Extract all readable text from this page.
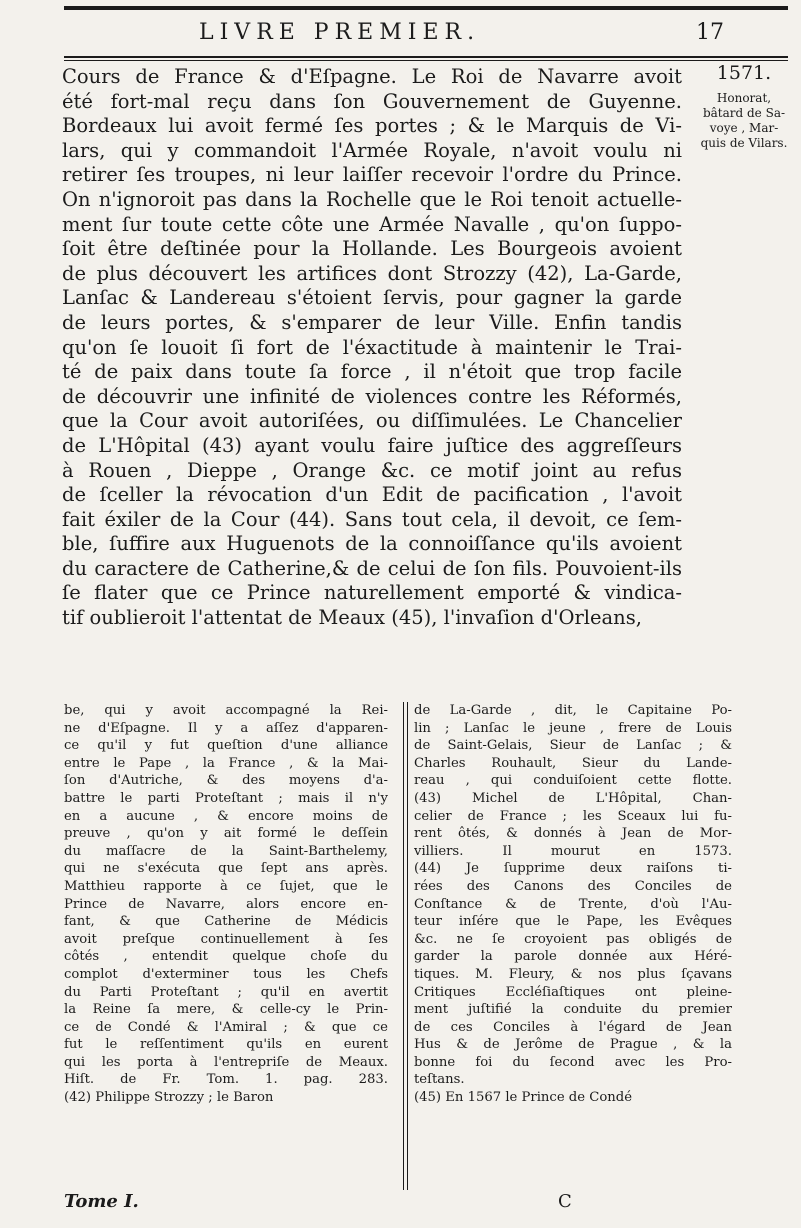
LIVRE PREMIER.	17
Cours de France & d'Eſpagne. Le Roi de Navarre avoit
été fort-mal reçu dans ſon Gouvernement de Guyenne.
Bordeaux lui avoit fermé ſes portes ; & le Marquis de Vi-
lars, qui y commandoit l'Armée Royale, n'avoit voulu ni
retirer ſes troupes, ni leur laiſſer recevoir l'ordre du Prince.
On n'ignoroit pas dans la Rochelle que le Roi tenoit actuelle-
ment ſur toute cette côte une Armée Navalle , qu'on ſuppo-
ſoit être deſtinée pour la Hollande. Les Bourgeois avoient
de plus découvert les artifices dont Strozzy (42), La-Garde,
Lanſac & Landereau s'étoient ſervis, pour gagner la garde
de leurs portes, & s'emparer de leur Ville. Enfin tandis
qu'on ſe louoit ſi fort de l'éxactitude à maintenir le Trai-
té de paix dans toute ſa force , il n'étoit que trop facile
de découvrir une infinité de violences contre les Réformés,
que la Cour avoit autoriſées, ou diſſimulées. Le Chancelier
de L'Hôpital (43) ayant voulu faire juſtice des aggreſſeurs
à Rouen , Dieppe , Orange &c. ce motif joint au refus
de ſceller la révocation d'un Edit de pacification , l'avoit
fait éxiler de la Cour (44). Sans tout cela, il devoit, ce ſem-
ble, ſuffire aux Huguenots de la connoiſſance qu'ils avoient
du caractere de Catherine,& de celui de ſon fils. Pouvoient-ils
ſe flater que ce Prince naturellement emporté & vindica-
tif oublieroit l'attentat de Meaux (45), l'invaſion d'Orleans,
1571.
Honorat,
bâtard de Sa-
voye , Mar-
quis de Vilars.
be, qui y avoit accompagné la Rei-
ne d'Eſpagne. Il y a aſſez d'apparen-
ce qu'il y fut queſtion d'une alliance
entre le Pape , la France , & la Mai-
ſon d'Autriche, & des moyens d'a-
battre le parti Proteſtant ; mais il n'y
en a aucune , & encore moins de
preuve , qu'on y ait formé le deſſein
du maſſacre de la Saint-Barthelemy,
qui ne s'exécuta que ſept ans après.
Matthieu rapporte à ce ſujet, que le
Prince de Navarre, alors encore en-
fant, & que Catherine de Médicis
avoit preſque continuellement à ſes
côtés , entendit quelque choſe du
complot d'exterminer tous les Chefs
du Parti Proteſtant ; qu'il en avertit
la Reine ſa mere, & celle-cy le Prin-
ce de Condé & l'Amiral ; & que ce
fut le reſſentiment qu'ils en eurent
qui les porta à l'entrepriſe de Meaux.
Hiſt. de Fr. Tom. 1. pag. 283.
(42) Philippe Strozzy ; le Baron
de La-Garde , dit, le Capitaine Po-
lin ; Lanſac le jeune , frere de Louis
de Saint-Gelais, Sieur de Lanſac ; &
Charles Rouhault, Sieur du Lande-
reau , qui conduiſoient cette flotte.
(43) Michel de L'Hôpital, Chan-
celier de France ; les Sceaux lui fu-
rent ôtés, & donnés à Jean de Mor-
villiers. Il mourut en 1573.
(44) Je ſupprime deux raiſons ti-
rées des Canons des Conciles de
Conſtance & de Trente, d'où l'Au-
teur inſére que le Pape, les Evêques
&c. ne ſe croyoient pas obligés de
garder la parole donnée aux Héré-
tiques. M. Fleury, & nos plus ſçavans
Critiques Eccléſiaſtiques ont pleine-
ment juſtifié la conduite du premier
de ces Conciles à l'égard de Jean
Hus & de Jerôme de Prague , & la
bonne foi du ſecond avec les Pro-
teſtans.
(45) En 1567 le Prince de Condé
Tome I.	C
